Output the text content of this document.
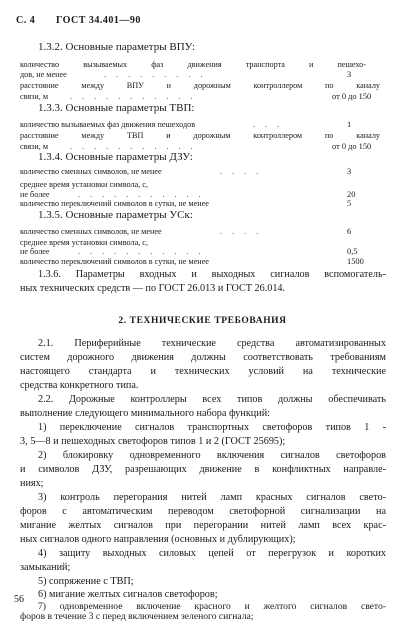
С. 4 ГОСТ 34.401—90
1.3.2. Основные параметры ВПУ:
количество вызываемых фаз движения транспорта и пешехо-
дов, не менее	.........	3
расстояние между ВПУ и дорожным контроллером по каналу
связи, м	...........	от 0 до 150
1.3.3. Основные параметры ТВП:
количество вызываемых фаз движения пешеходов	...	1
расстояние между ТВП и дорожным контроллером по каналу
связи, м	...........	от 0 до 150
1.3.4. Основные параметры ДЗУ:
количество сменных символов, не менее	....	3
среднее время установки символа, с,
не более	...........	20
количество переключений символов в сутки, не менее	5
1.3.5. Основные параметры УСк:
количество сменных символов, не менее	....	6
среднее время установки символа, с,
не более	...........	0,5
количество переключений символов в сутки, не менее	1500
1.3.6. Параметры входных и выходных сигналов вспомогатель-
ных технических средств — по ГОСТ 26.013 и ГОСТ 26.014.
2. ТЕХНИЧЕСКИЕ ТРЕБОВАНИЯ
2.1. Периферийные технические средства автоматизированных
систем дорожного движения должны соответствовать требованиям
настоящего стандарта и технических условий на технические
средства конкретного типа.
2.2. Дорожные контроллеры всех типов должны обеспечивать
выполнение следующего минимального набора функций:
1) переключение сигналов транспортных светофоров типов 1 -
3, 5—8 и пешеходных светофоров типов 1 и 2 (ГОСТ 25695);
2) блокировку одновременного включения сигналов светофоров
и символов ДЗУ, разрешающих движение в конфликтных направле-
ниях;
3) контроль перегорания нитей ламп красных сигналов свето-
форов с автоматическим переводом светофорной сигнализации на
мигание желтых сигналов при перегорании нитей ламп всех крас-
ных сигналов одного направления (основных и дублирующих);
4) защиту выходных силовых цепей от перегрузок и коротких
замыканий;
5) сопряжение с ТВП;
6) мигание желтых сигналов светофоров;
7) одновременное включение красного и желтого сигналов свето-
форов в течение 3 с перед включением зеленого сигнала;
56
